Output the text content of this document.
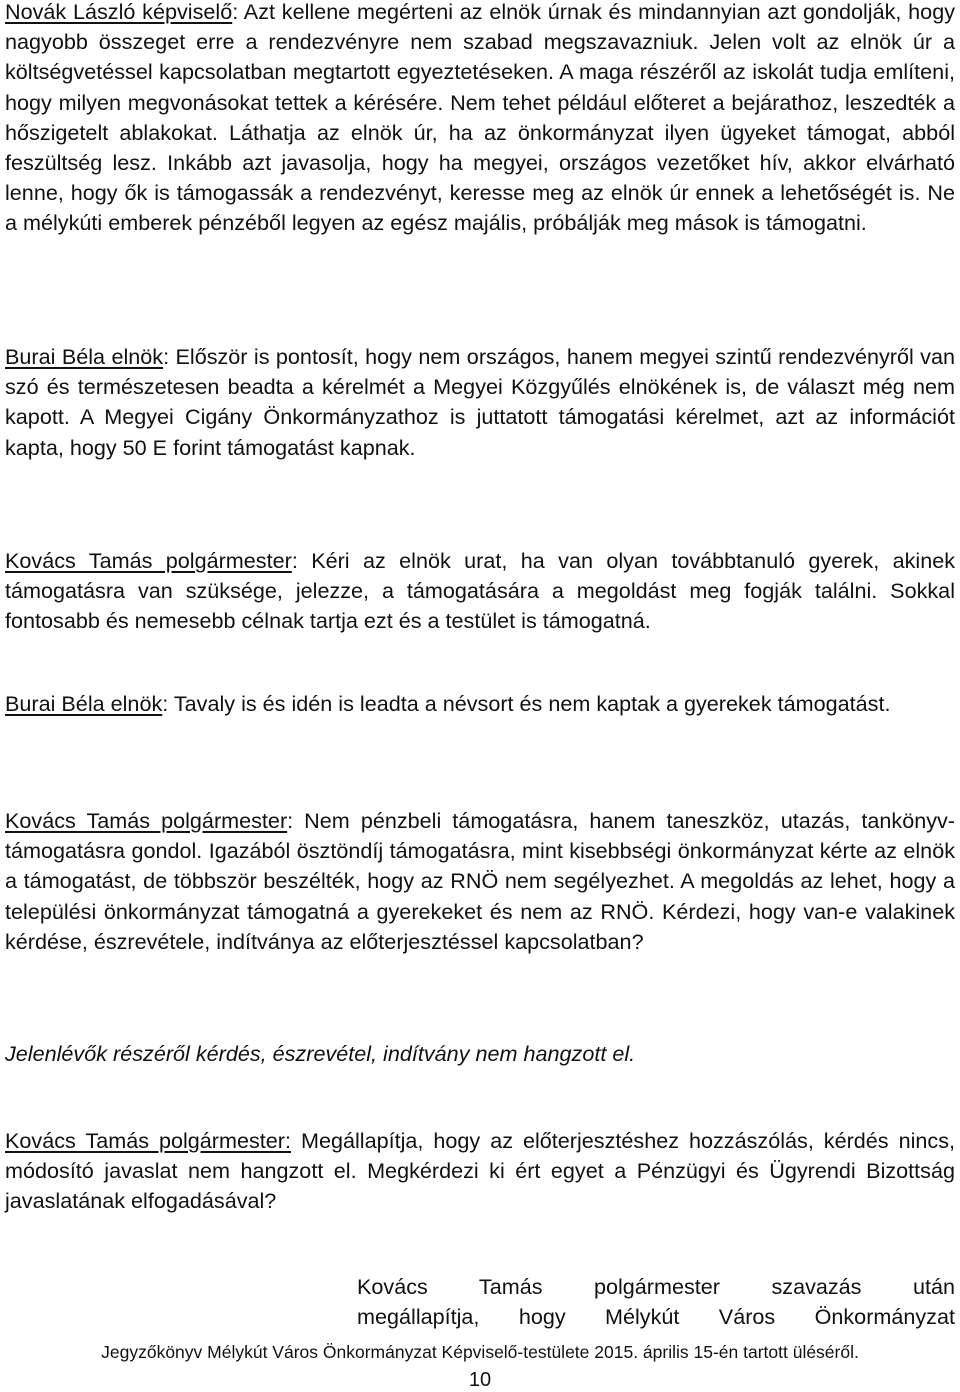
Novák László képviselő: Azt kellene megérteni az elnök úrnak és mindannyian azt gondolják, hogy nagyobb összeget erre a rendezvényre nem szabad megszavazniuk. Jelen volt az elnök úr a költségvetéssel kapcsolatban megtartott egyeztetéseken. A maga részéről az iskolát tudja említeni, hogy milyen megvonásokat tettek a kérésére. Nem tehet például előteret a bejárathoz, leszedték a hőszigetelt ablakokat. Láthatja az elnök úr, ha az önkormányzat ilyen ügyeket támogat, abból feszültség lesz. Inkább azt javasolja, hogy ha megyei, országos vezetőket hív, akkor elvárható lenne, hogy ők is támogassák a rendezvényt, keresse meg az elnök úr ennek a lehetőségét is. Ne a mélykúti emberek pénzéből legyen az egész majális, próbálják meg mások is támogatni.

Burai Béla elnök: Először is pontosít, hogy nem országos, hanem megyei szintű rendezvényről van szó és természetesen beadta a kérelmét a Megyei Közgyűlés elnökének is, de választ még nem kapott. A Megyei Cigány Önkormányzathoz is juttatott támogatási kérelmet, azt az információt kapta, hogy 50 E forint támogatást kapnak.

Kovács Tamás polgármester: Kéri az elnök urat, ha van olyan továbbtanuló gyerek, akinek támogatásra van szüksége, jelezze, a támogatására a megoldást meg fogják találni. Sokkal fontosabb és nemesebb célnak tartja ezt és a testület is támogatná.

Burai Béla elnök: Tavaly is és idén is leadta a névsort és nem kaptak a gyerekek támogatást.

Kovács Tamás polgármester: Nem pénzbeli támogatásra, hanem taneszköz, utazás, tankönyv-támogatásra gondol. Igazából ösztöndíj támogatásra, mint kisebbségi önkormányzat kérte az elnök a támogatást, de többször beszélték, hogy az RNÖ nem segélyezhet. A megoldás az lehet, hogy a települési önkormányzat támogatná a gyerekeket és nem az RNÖ. Kérdezi, hogy van-e valakinek kérdése, észrevétele, indítványa az előterjesztéssel kapcsolatban?

Jelenlévők részéről kérdés, észrevétel, indítvány nem hangzott el.

Kovács Tamás polgármester: Megállapítja, hogy az előterjesztéshez hozzászólás, kérdés nincs, módosító javaslat nem hangzott el. Megkérdezi ki ért egyet a Pénzügyi és Ügyrendi Bizottság javaslatának elfogadásával?

Kovács Tamás polgármester szavazás után

megállapítja, hogy Mélykút Város Önkormányzat

Jegyzőkönyv Mélykút Város Önkormányzat Képviselő-testülete 2015. április 15-én tartott üléséről.
10
